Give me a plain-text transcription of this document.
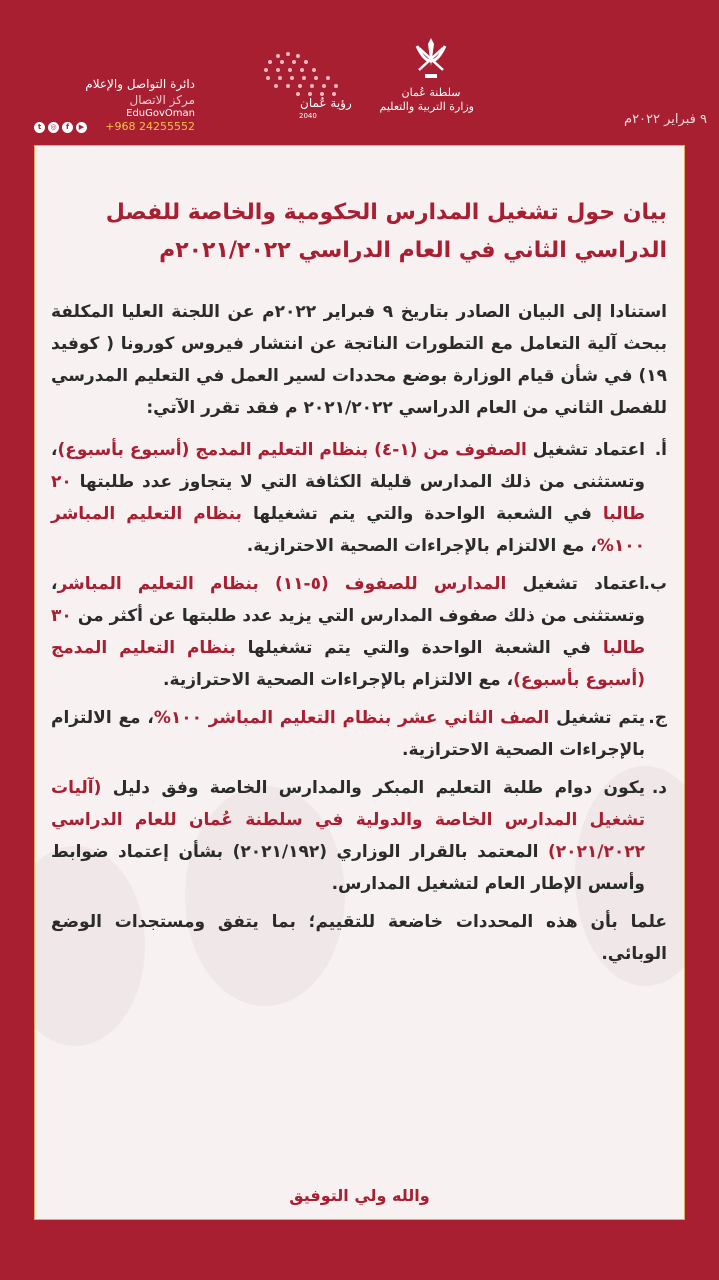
٩ فبراير ٢٠٢٢م
سلطنة عُمان
وزارة التربية والتعليم
رؤية عُمان
2040
دائرة التواصل والإعلام
مركز الاتصال
EduGovOman
+968 24255552
t ◎ f ▶
بيان حول تشغيل المدارس الحكومية والخاصة للفصل الدراسي الثاني في العام الدراسي ٢٠٢١/٢٠٢٢م

استنادا إلى البيان الصادر بتاريخ ٩ فبراير ٢٠٢٢م عن اللجنة العليا المكلفة ببحث آلية التعامل مع التطورات الناتجة عن انتشار فيروس كورونا ( كوفيد ١٩) في شأن قيام الوزارة بوضع محددات لسير العمل في التعليم المدرسي للفصل الثاني من العام الدراسي ٢٠٢١/٢٠٢٢ م فقد تقرر الآتي:

أ.
اعتماد تشغيل الصفوف من (١-٤) بنظام التعليم المدمج (أسبوع بأسبوع)، وتستثنى من ذلك المدارس قليلة الكثافة التي لا يتجاوز عدد طلبتها ٢٠ طالبا في الشعبة الواحدة والتي يتم تشغيلها بنظام التعليم المباشر ١٠٠%، مع الالتزام بالإجراءات الصحية الاحترازية.
ب.
اعتماد تشغيل المدارس للصفوف (٥-١١) بنظام التعليم المباشر، وتستثنى من ذلك صفوف المدارس التي يزيد عدد طلبتها عن أكثر من ٣٠ طالبا في الشعبة الواحدة والتي يتم تشغيلها بنظام التعليم المدمج (أسبوع بأسبوع)، مع الالتزام بالإجراءات الصحية الاحترازية.
ج.
يتم تشغيل الصف الثاني عشر بنظام التعليم المباشر ١٠٠%، مع الالتزام بالإجراءات الصحية الاحترازية.
د.
يكون دوام طلبة التعليم المبكر والمدارس الخاصة وفق دليل (آليات تشغيل المدارس الخاصة والدولية في سلطنة عُمان للعام الدراسي ٢٠٢١/٢٠٢٢) المعتمد بالقرار الوزاري (٢٠٢١/١٩٢) بشأن إعتماد ضوابط وأسس الإطار العام لتشغيل المدارس.

علما بأن هذه المحددات خاضعة للتقييم؛ بما يتفق ومستجدات الوضع الوبائي.

والله ولي التوفيق
